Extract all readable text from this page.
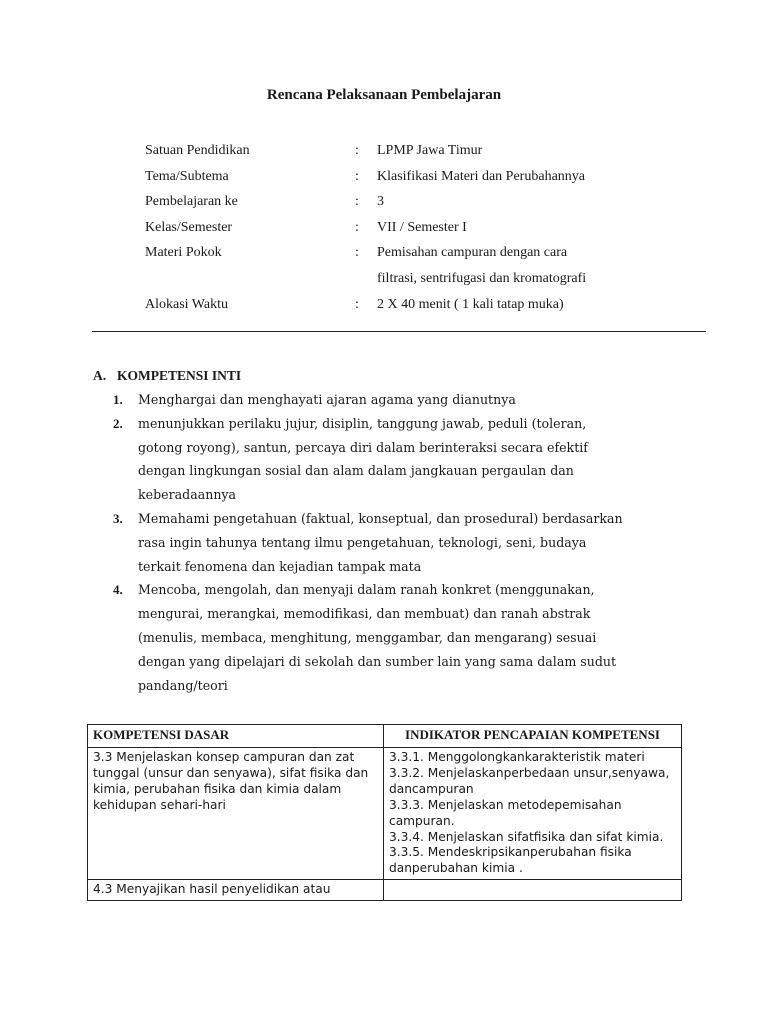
Rencana Pelaksanaan Pembelajaran
Satuan Pendidikan	:	LPMP Jawa Timur
Tema/Subtema	:	Klasifikasi Materi dan Perubahannya
Pembelajaran ke	:	3
Kelas/Semester	:	VII / Semester I
Materi Pokok	:	Pemisahan campuran dengan cara
filtrasi, sentrifugasi dan kromatografi
Alokasi Waktu	:	2 X 40 menit ( 1 kali tatap muka)
A. KOMPETENSI INTI
1.	Menghargai dan menghayati ajaran agama yang dianutnya
2.	menunjukkan perilaku jujur, disiplin, tanggung jawab, peduli (toleran,
gotong royong), santun, percaya diri dalam berinteraksi secara efektif
dengan lingkungan sosial dan alam dalam jangkauan pergaulan dan
keberadaannya
3.	Memahami pengetahuan (faktual, konseptual, dan prosedural) berdasarkan
rasa ingin tahunya tentang ilmu pengetahuan, teknologi, seni, budaya
terkait fenomena dan kejadian tampak mata
4.	Mencoba, mengolah, dan menyaji dalam ranah konkret (menggunakan,
mengurai, merangkai, memodifikasi, dan membuat) dan ranah abstrak
(menulis, membaca, menghitung, menggambar, dan mengarang) sesuai
dengan yang dipelajari di sekolah dan sumber lain yang sama dalam sudut
pandang/teori
KOMPETENSI DASAR	INDIKATOR PENCAPAIAN KOMPETENSI
3.3 Menjelaskan konsep campuran dan zat tunggal (unsur dan senyawa), sifat fisika dan kimia, perubahan fisika dan kimia dalam kehidupan sehari-hari	3.3.1. Menggolongkankarakteristik materi
3.3.2. Menjelaskanperbedaan unsur,senyawa, dancampuran
3.3.3. Menjelaskan metodepemisahan campuran.
3.3.4. Menjelaskan sifatfisika dan sifat kimia.
3.3.5. Mendeskripsikanperubahan fisika danperubahan kimia .

4.3 Menyajikan hasil penyelidikan atau	
